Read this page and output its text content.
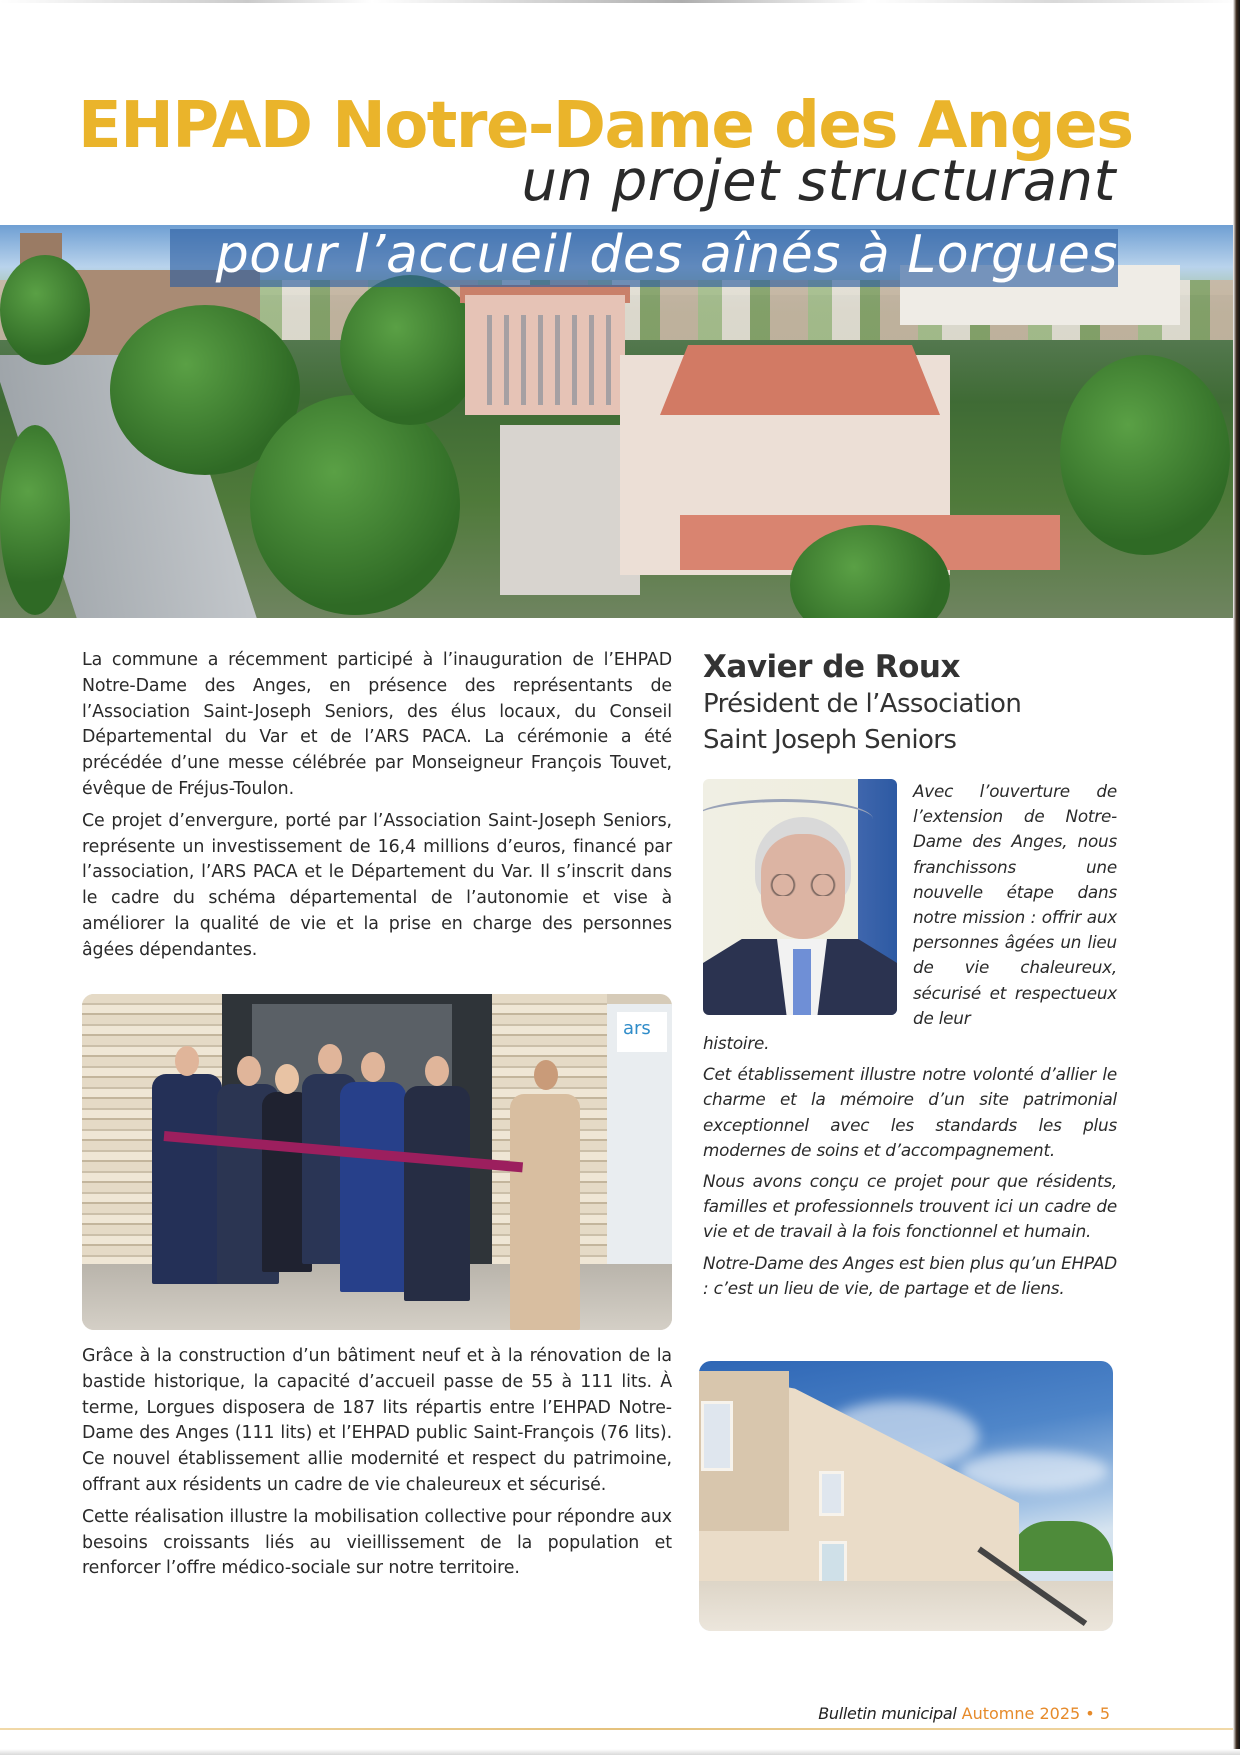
EHPAD Notre-Dame des Anges
un projet structurant
pour l’accueil des aînés à Lorgues

La commune a récemment participé à l’inauguration de l’EHPAD Notre-Dame des Anges, en présence des représentants de l’Association Saint-Joseph Seniors, des élus locaux, du Conseil Départemental du Var et de l’ARS PACA. La cérémonie a été précédée d’une messe célébrée par Monseigneur François Touvet, évêque de Fréjus-Toulon.

Ce projet d’envergure, porté par l’Association Saint-Joseph Seniors, représente un investissement de 16,4 millions d’euros, financé par l’association, l’ARS PACA et le Département du Var. Il s’inscrit dans le cadre du schéma départemental de l’autonomie et vise à améliorer la qualité de vie et la prise en charge des personnes âgées dépendantes.

ars

Grâce à la construction d’un bâtiment neuf et à la rénovation de la bastide historique, la capacité d’accueil passe de 55 à 111 lits. À terme, Lorgues disposera de 187 lits répartis entre l’EHPAD Notre-Dame des Anges (111 lits) et l’EHPAD public Saint-François (76 lits). Ce nouvel établissement allie modernité et respect du patrimoine, offrant aux résidents un cadre de vie chaleureux et sécurisé.

Cette réalisation illustre la mobilisation collective pour répondre aux besoins croissants liés au vieillissement de la population et renforcer l’offre médico-sociale sur notre territoire.

Xavier de Roux
Président de l’Association
Saint Joseph Seniors
Avec l’ouverture de l’extension de Notre-Dame des Anges, nous franchissons une nouvelle étape dans notre mission : offrir aux personnes âgées un lieu de vie chaleureux, sécurisé et respectueux de leur

histoire.

Cet établissement illustre notre volonté d’allier le charme et la mémoire d’un site patrimonial exceptionnel avec les standards les plus modernes de soins et d’accompagnement.

Nous avons conçu ce projet pour que résidents, familles et professionnels trouvent ici un cadre de vie et de travail à la fois fonctionnel et humain.

Notre-Dame des Anges est bien plus qu’un EHPAD : c’est un lieu de vie, de partage et de liens.

Bulletin municipal Automne 2025 • 5
